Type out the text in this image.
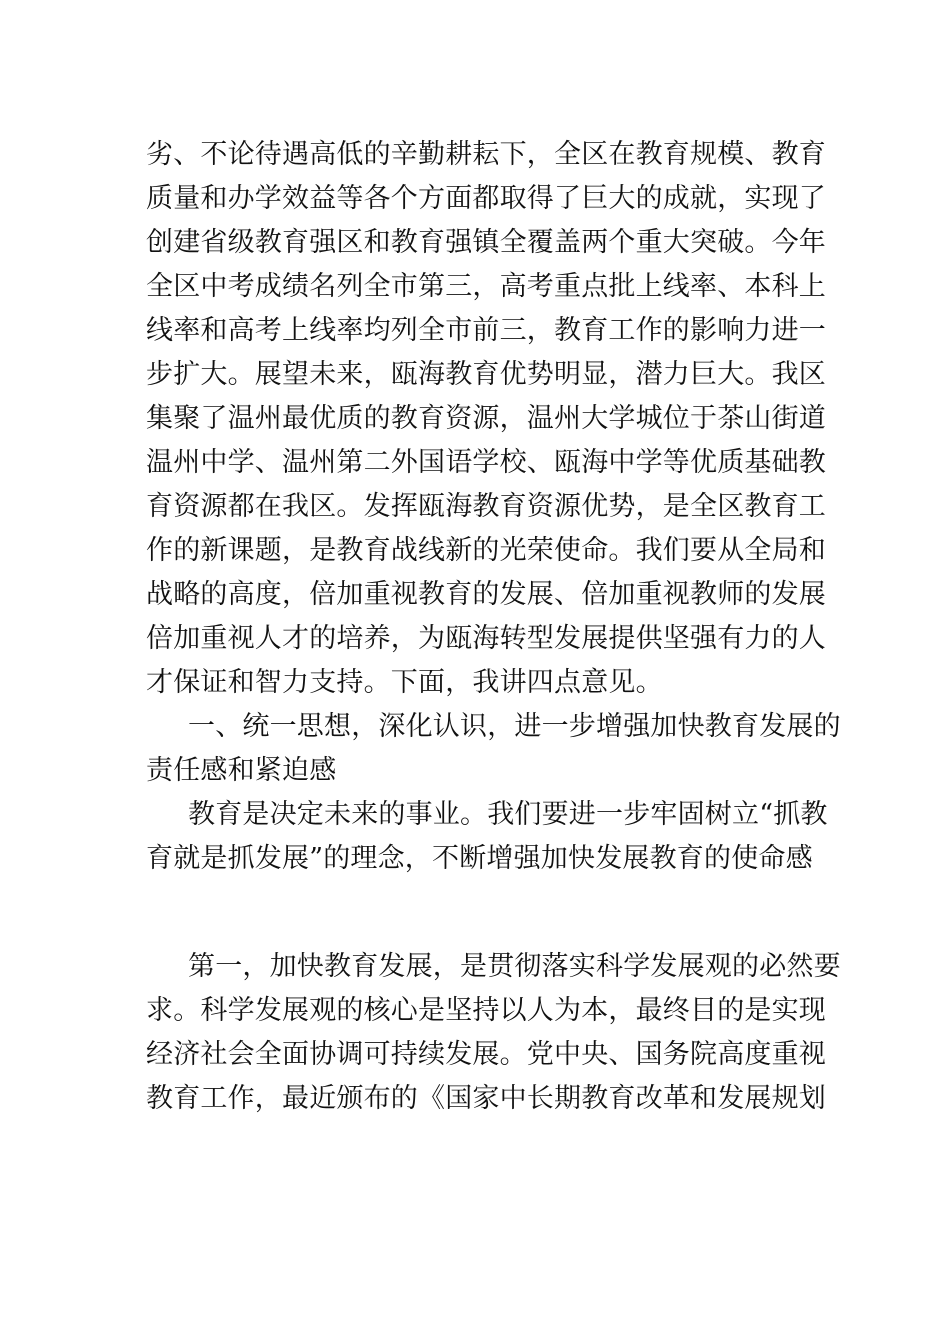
劣、不论待遇高低的辛勤耕耘下，全区在教育规模、教育
质量和办学效益等各个方面都取得了巨大的成就，实现了
创建省级教育强区和教育强镇全覆盖两个重大突破。今年
全区中考成绩名列全市第三，高考重点批上线率、本科上
线率和高考上线率均列全市前三，教育工作的影响力进一
步扩大。展望未来，瓯海教育优势明显，潜力巨大。我区
集聚了温州最优质的教育资源，温州大学城位于茶山街道
温州中学、温州第二外国语学校、瓯海中学等优质基础教
育资源都在我区。发挥瓯海教育资源优势，是全区教育工
作的新课题，是教育战线新的光荣使命。我们要从全局和
战略的高度，倍加重视教育的发展、倍加重视教师的发展
倍加重视人才的培养，为瓯海转型发展提供坚强有力的人
才保证和智力支持。下面，我讲四点意见。
一、统一思想，深化认识，进一步增强加快教育发展的
责任感和紧迫感
教育是决定未来的事业。我们要进一步牢固树立“抓教
育就是抓发展”的理念，不断增强加快发展教育的使命感
第一，加快教育发展，是贯彻落实科学发展观的必然要
求。科学发展观的核心是坚持以人为本，最终目的是实现
经济社会全面协调可持续发展。党中央、国务院高度重视
教育工作，最近颁布的《国家中长期教育改革和发展规划
